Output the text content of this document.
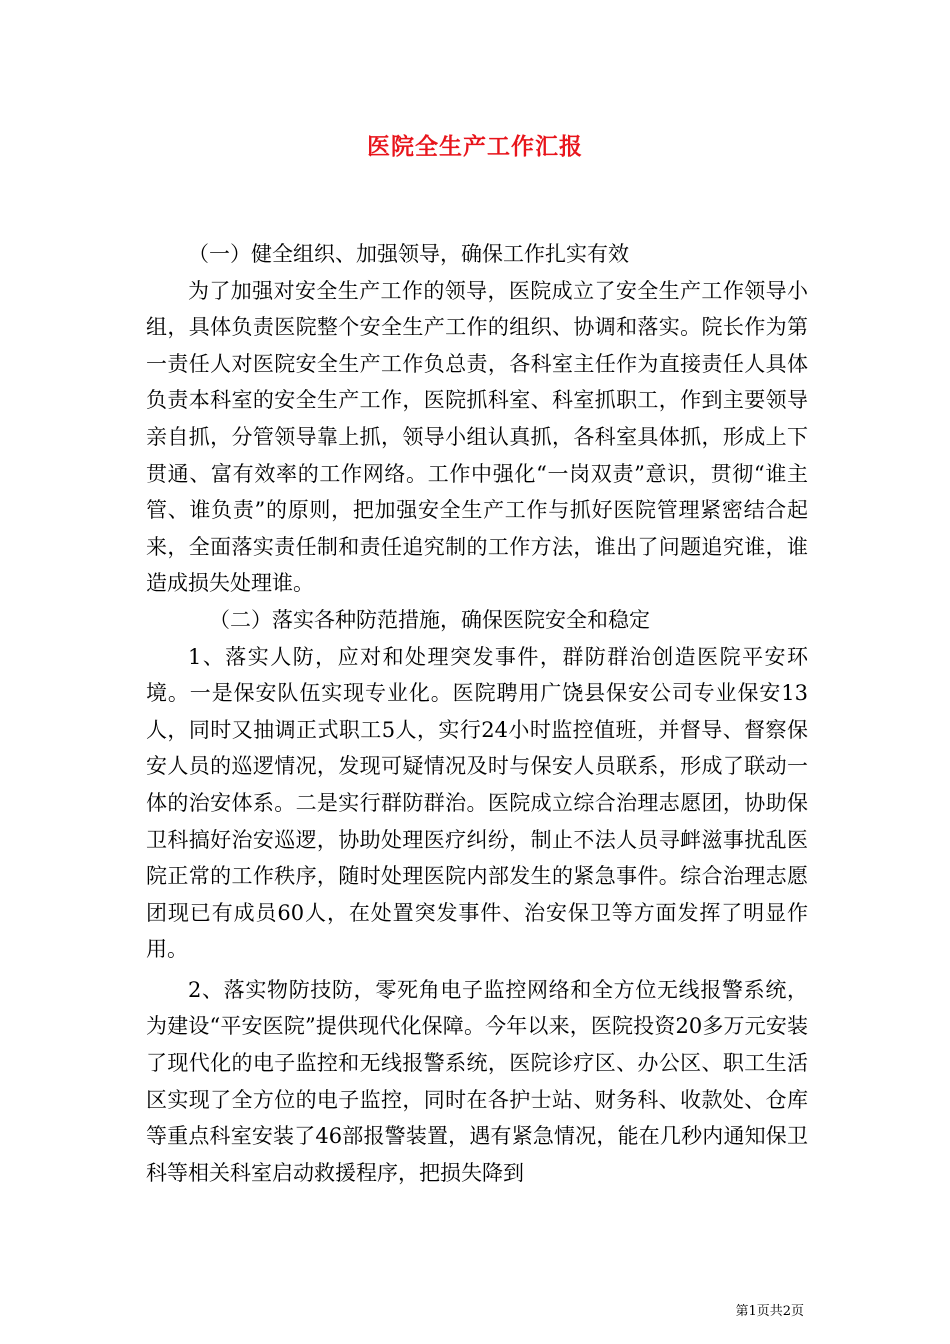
医院全生产工作汇报

（一）健全组织、加强领导，确保工作扎实有效

为了加强对安全生产工作的领导，医院成立了安全生产工作领导小组，具体负责医院整个安全生产工作的组织、协调和落实。院长作为第一责任人对医院安全生产工作负总责，各科室主任作为直接责任人具体负责本科室的安全生产工作，医院抓科室、科室抓职工，作到主要领导亲自抓，分管领导靠上抓，领导小组认真抓，各科室具体抓，形成上下贯通、富有效率的工作网络。工作中强化“一岗双责”意识，贯彻“谁主管、谁负责”的原则，把加强安全生产工作与抓好医院管理紧密结合起来，全面落实责任制和责任追究制的工作方法，谁出了问题追究谁，谁造成损失处理谁。

（二）落实各种防范措施，确保医院安全和稳定

1、落实人防，应对和处理突发事件，群防群治创造医院平安环境。一是保安队伍实现专业化。医院聘用广饶县保安公司专业保安13人，同时又抽调正式职工5人，实行24小时监控值班，并督导、督察保安人员的巡逻情况，发现可疑情况及时与保安人员联系，形成了联动一体的治安体系。二是实行群防群治。医院成立综合治理志愿团，协助保卫科搞好治安巡逻，协助处理医疗纠纷，制止不法人员寻衅滋事扰乱医院正常的工作秩序，随时处理医院内部发生的紧急事件。综合治理志愿团现已有成员60人，在处置突发事件、治安保卫等方面发挥了明显作用。

2、落实物防技防，零死角电子监控网络和全方位无线报警系统，为建设“平安医院”提供现代化保障。今年以来，医院投资20多万元安装了现代化的电子监控和无线报警系统，医院诊疗区、办公区、职工生活区实现了全方位的电子监控，同时在各护士站、财务科、收款处、仓库等重点科室安装了46部报警装置，遇有紧急情况，能在几秒内通知保卫科等相关科室启动救援程序，把损失降到

第1页共2页
